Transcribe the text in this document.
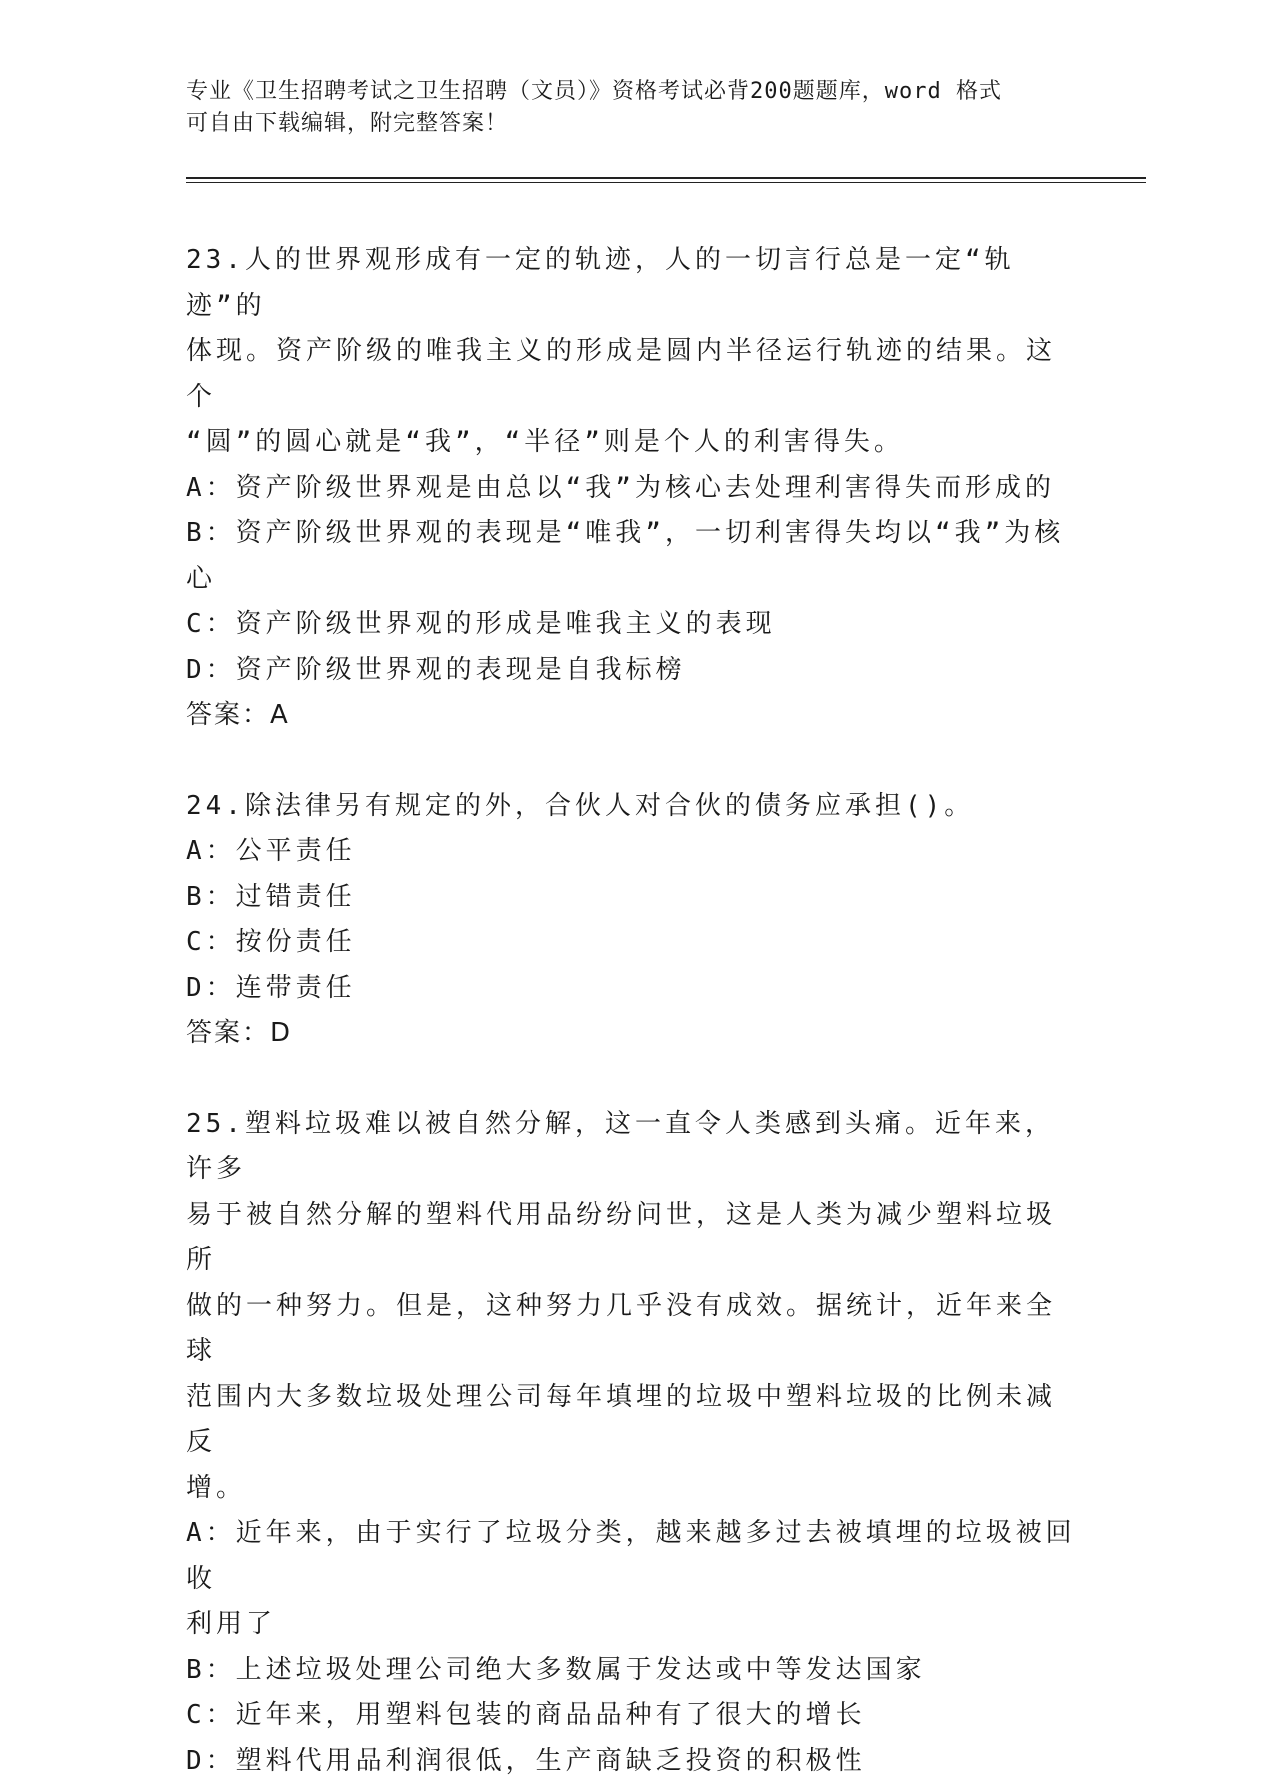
专业《卫生招聘考试之卫生招聘（文员）》资格考试必背200题题库，word 格式
可自由下载编辑，附完整答案！
23.人的世界观形成有一定的轨迹，人的一切言行总是一定“轨迹”的
体现。资产阶级的唯我主义的形成是圆内半径运行轨迹的结果。这个
“圆”的圆心就是“我”，“半径”则是个人的利害得失。
A：资产阶级世界观是由总以“我”为核心去处理利害得失而形成的
B：资产阶级世界观的表现是“唯我”，一切利害得失均以“我”为核
心
C：资产阶级世界观的形成是唯我主义的表现
D：资产阶级世界观的表现是自我标榜
答案：A
24.除法律另有规定的外，合伙人对合伙的债务应承担()。
A：公平责任
B：过错责任
C：按份责任
D：连带责任
答案：D
25.塑料垃圾难以被自然分解，这一直令人类感到头痛。近年来，许多
易于被自然分解的塑料代用品纷纷问世，这是人类为减少塑料垃圾所
做的一种努力。但是，这种努力几乎没有成效。据统计，近年来全球
范围内大多数垃圾处理公司每年填埋的垃圾中塑料垃圾的比例未减反
增。
A：近年来，由于实行了垃圾分类，越来越多过去被填埋的垃圾被回收
利用了
B：上述垃圾处理公司绝大多数属于发达或中等发达国家
C：近年来，用塑料包装的商品品种有了很大的增长
D：塑料代用品利润很低，生产商缺乏投资的积极性
